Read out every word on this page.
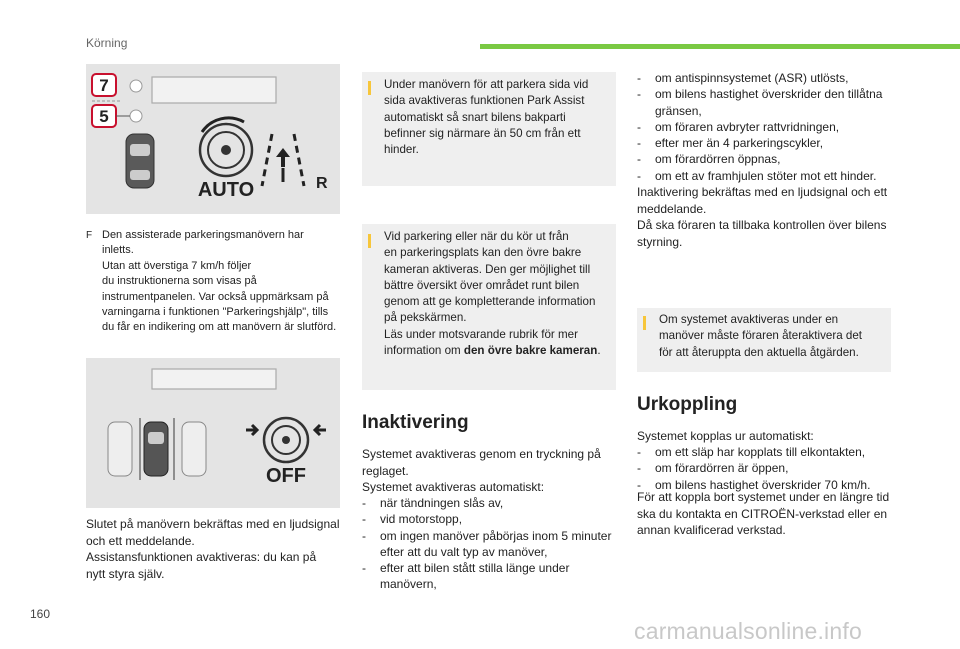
Körning
7
5
AUTO	R
F Den assisterade parkeringsmanövern har
inletts.
Utan att överstiga 7 km/h följer
du instruktionerna som visas på
instrumentpanelen. Var också uppmärksam på
varningarna i funktionen "Parkeringshjälp", tills
du får en indikering om att manövern är slutförd.
OFF
Slutet på manövern bekräftas med en ljudsignal
och ett meddelande.
Assistansfunktionen avaktiveras: du kan på
nytt styra själv.
Under manövern för att parkera sida vid
sida avaktiveras funktionen Park Assist
automatiskt så snart bilens bakparti
befinner sig närmare än 50 cm från ett
hinder.
Vid parkering eller när du kör ut från
en parkeringsplats kan den övre bakre
kameran aktiveras. Den ger möjlighet till
bättre översikt över området runt bilen
genom att ge kompletterande information
på pekskärmen.
Läs under motsvarande rubrik för mer
information om den övre bakre kameran.
Inaktivering
Systemet avaktiveras genom en tryckning på
reglaget.
Systemet avaktiveras automatiskt:
- när tändningen slås av,
- vid motorstopp,
- om ingen manöver påbörjas inom 5 minuter efter att du valt typ av manöver,
- efter att bilen stått stilla länge under manövern,
- om antispinnsystemet (ASR) utlösts,
- om bilens hastighet överskrider den tillåtna gränsen,
- om föraren avbryter rattvridningen,
- efter mer än 4 parkeringscykler,
- om förardörren öppnas,
- om ett av framhjulen stöter mot ett hinder.
Inaktivering bekräftas med en ljudsignal och ett
meddelande.
Då ska föraren ta tillbaka kontrollen över bilens
styrning.
Om systemet avaktiveras under en
manöver måste föraren återaktivera det
för att återuppta den aktuella åtgärden.
Urkoppling
Systemet kopplas ur automatiskt:
- om ett släp har kopplats till elkontakten,
- om förardörren är öppen,
- om bilens hastighet överskrider 70 km/h.
För att koppla bort systemet under en längre tid
ska du kontakta en CITROËN-verkstad eller en
annan kvalificerad verkstad.
160
carmanualsonline.info
